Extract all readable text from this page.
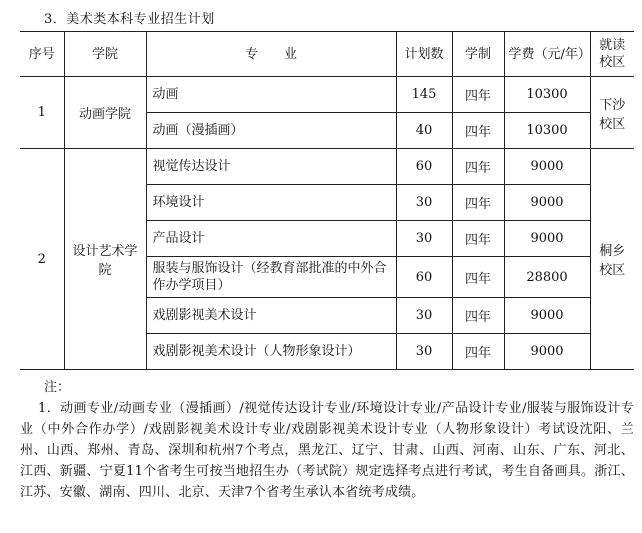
3．美术类本科专业招生计划
序号	学院	专　　业	计划数	学制	学费（元/年）	就读校区
1	动画学院	动画	145	四年	10300	下沙校区
		动画（漫插画）	40	四年	10300	
2	设计艺术学院	视觉传达设计	60	四年	9000	桐乡校区
		环境设计	30	四年	9000	
		产品设计	30	四年	9000	
		服装与服饰设计（经教育部批准的中外合作办学项目）	60	四年	28800	
		戏剧影视美术设计	30	四年	9000	
		戏剧影视美术设计（人物形象设计）	30	四年	9000	
注：
1．动画专业/动画专业（漫插画）/视觉传达设计专业/环境设计专业/产品设计专业/服装与服饰设计专业（中外合作办学）/戏剧影视美术设计专业/戏剧影视美术设计专业（人物形象设计）考试设沈阳、兰州、山西、郑州、青岛、深圳和杭州7个考点，黑龙江、辽宁、甘肃、山西、河南、山东、广东、河北、江西、新疆、宁夏11个省考生可按当地招生办（考试院）规定选择考点进行考试，考生自备画具。浙江、江苏、安徽、湖南、四川、北京、天津7个省考生承认本省统考成绩。
